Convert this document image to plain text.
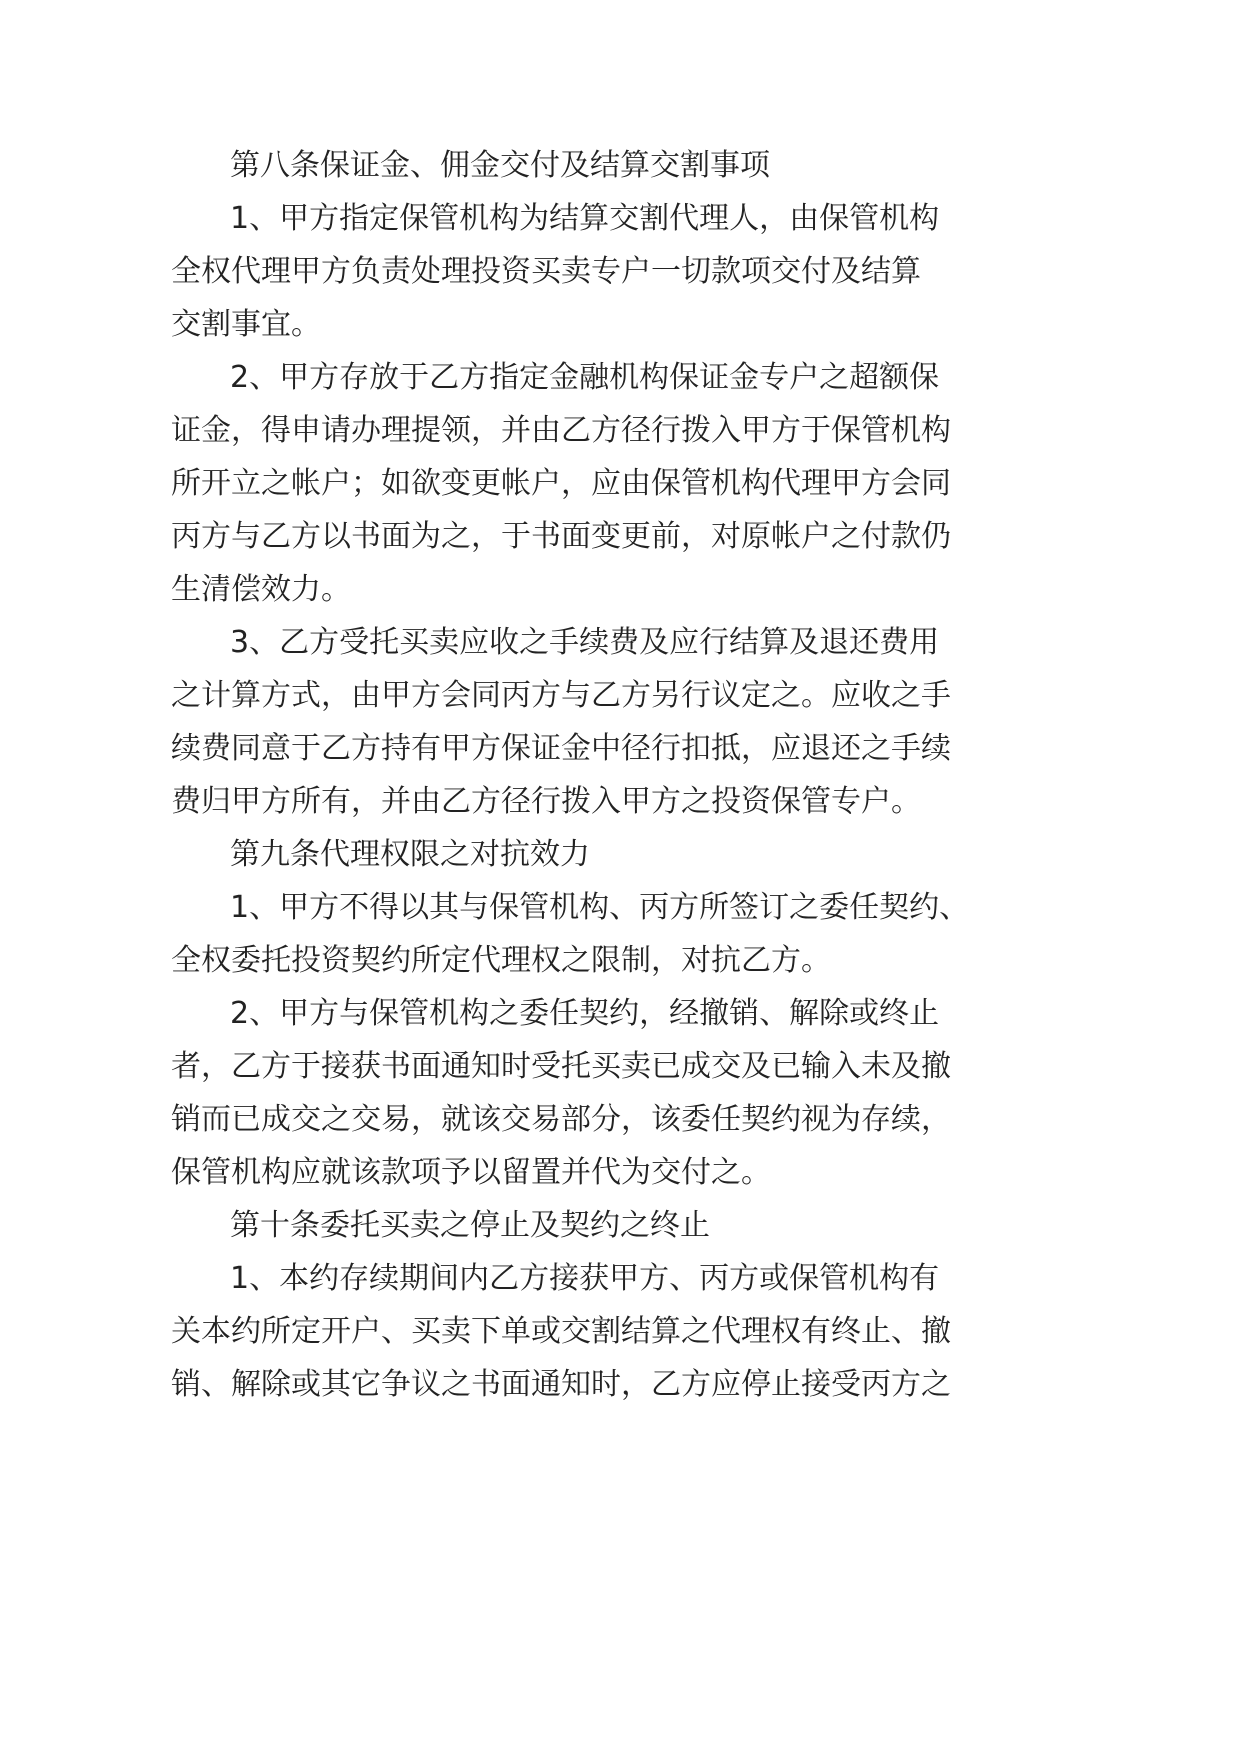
第八条保证金、佣金交付及结算交割事项

1、甲方指定保管机构为结算交割代理人，由保管机构

全权代理甲方负责处理投资买卖专户一切款项交付及结算

交割事宜。

2、甲方存放于乙方指定金融机构保证金专户之超额保

证金，得申请办理提领，并由乙方径行拨入甲方于保管机构

所开立之帐户；如欲变更帐户，应由保管机构代理甲方会同

丙方与乙方以书面为之，于书面变更前，对原帐户之付款仍

生清偿效力。

3、乙方受托买卖应收之手续费及应行结算及退还费用

之计算方式，由甲方会同丙方与乙方另行议定之。应收之手

续费同意于乙方持有甲方保证金中径行扣抵，应退还之手续

费归甲方所有，并由乙方径行拨入甲方之投资保管专户。

第九条代理权限之对抗效力

1、甲方不得以其与保管机构、丙方所签订之委任契约、

全权委托投资契约所定代理权之限制，对抗乙方。

2、甲方与保管机构之委任契约，经撤销、解除或终止

者，乙方于接获书面通知时受托买卖已成交及已输入未及撤

销而已成交之交易，就该交易部分，该委任契约视为存续，

保管机构应就该款项予以留置并代为交付之。

第十条委托买卖之停止及契约之终止

1、本约存续期间内乙方接获甲方、丙方或保管机构有

关本约所定开户、买卖下单或交割结算之代理权有终止、撤

销、解除或其它争议之书面通知时，乙方应停止接受丙方之
